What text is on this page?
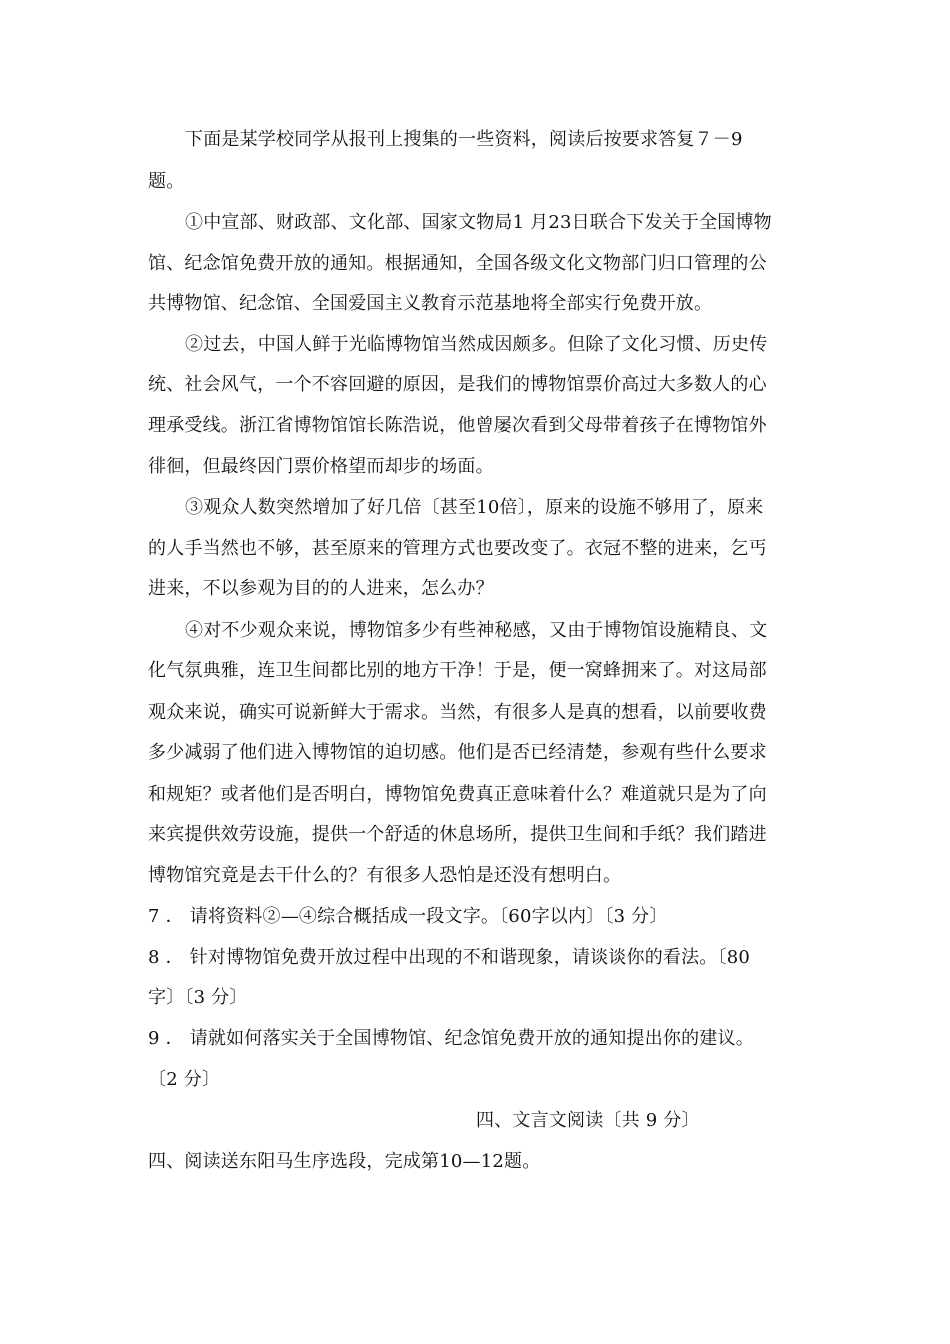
下面是某学校同学从报刊上搜集的一些资料，阅读后按要求答复７－9
题。
①中宣部、财政部、文化部、国家文物局1 月23日联合下发关于全国博物
馆、纪念馆免费开放的通知。根据通知，全国各级文化文物部门归口管理的公
共博物馆、纪念馆、全国爱国主义教育示范基地将全部实行免费开放。
②过去，中国人鲜于光临博物馆当然成因颇多。但除了文化习惯、历史传
统、社会风气，一个不容回避的原因，是我们的博物馆票价高过大多数人的心
理承受线。浙江省博物馆馆长陈浩说，他曾屡次看到父母带着孩子在博物馆外
徘徊，但最终因门票价格望而却步的场面。
③观众人数突然增加了好几倍〔甚至10倍〕，原来的设施不够用了，原来
的人手当然也不够，甚至原来的管理方式也要改变了。衣冠不整的进来，乞丐
进来，不以参观为目的的人进来，怎么办？
④对不少观众来说，博物馆多少有些神秘感，又由于博物馆设施精良、文
化气氛典雅，连卫生间都比别的地方干净！于是，便一窝蜂拥来了。对这局部
观众来说，确实可说新鲜大于需求。当然，有很多人是真的想看，以前要收费
多少减弱了他们进入博物馆的迫切感。他们是否已经清楚，参观有些什么要求
和规矩？或者他们是否明白，博物馆免费真正意味着什么？难道就只是为了向
来宾提供效劳设施，提供一个舒适的休息场所，提供卫生间和手纸？我们踏进
博物馆究竟是去干什么的？有很多人恐怕是还没有想明白。
7 ． 请将资料②—④综合概括成一段文字。〔60字以内〕〔3 分〕
8 ． 针对博物馆免费开放过程中出现的不和谐现象，请谈谈你的看法。〔80
字〕〔3 分〕
9 ． 请就如何落实关于全国博物馆、纪念馆免费开放的通知提出你的建议。
〔2 分〕
四、文言文阅读〔共 9 分〕
四、阅读送东阳马生序选段，完成第10—12题。
